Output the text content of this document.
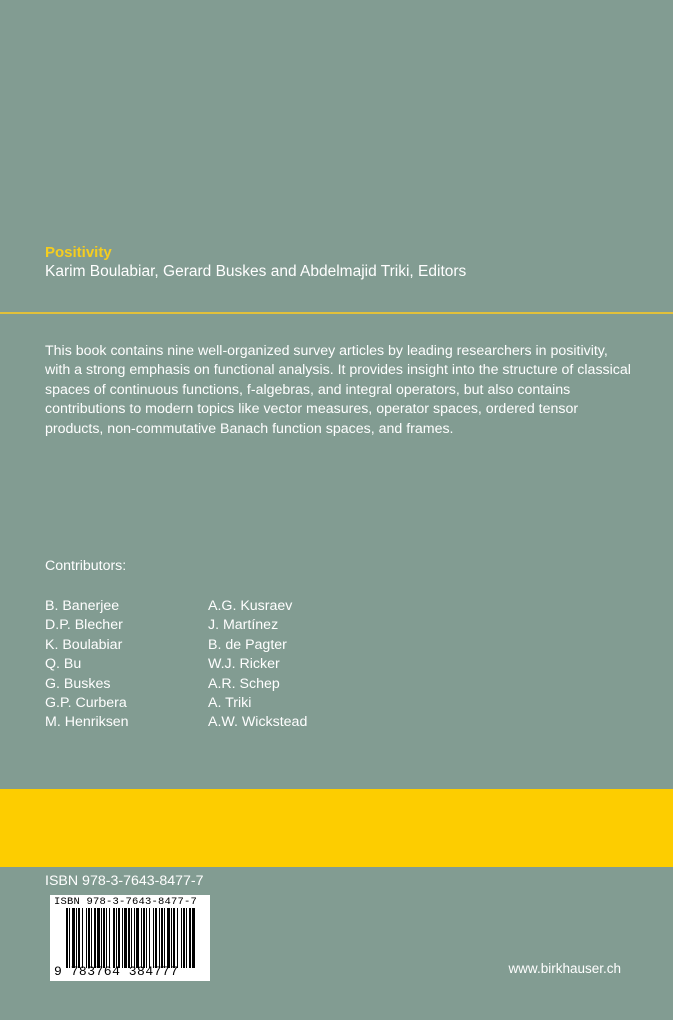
Positivity
Karim Boulabiar, Gerard Buskes and Abdelmajid Triki, Editors
This book contains nine well-organized survey articles by leading researchers in positivity, with a strong emphasis on functional analysis. It provides insight into the structure of classical spaces of continuous functions, f-algebras, and integral operators, but also contains contributions to modern topics like vector measures, operator spaces, ordered tensor products, non-commutative Banach function spaces, and frames.
Contributors:
B. Banerjee
D.P. Blecher
K. Boulabiar
Q. Bu
G. Buskes
G.P. Curbera
M. Henriksen
A.G. Kusraev
J. Martínez
B. de Pagter
W.J. Ricker
A.R. Schep
A. Triki
A.W. Wickstead
ISBN 978-3-7643-8477-7
ISBN 978-3-7643-8477-7
9 783764 384777	www.birkhauser.ch
